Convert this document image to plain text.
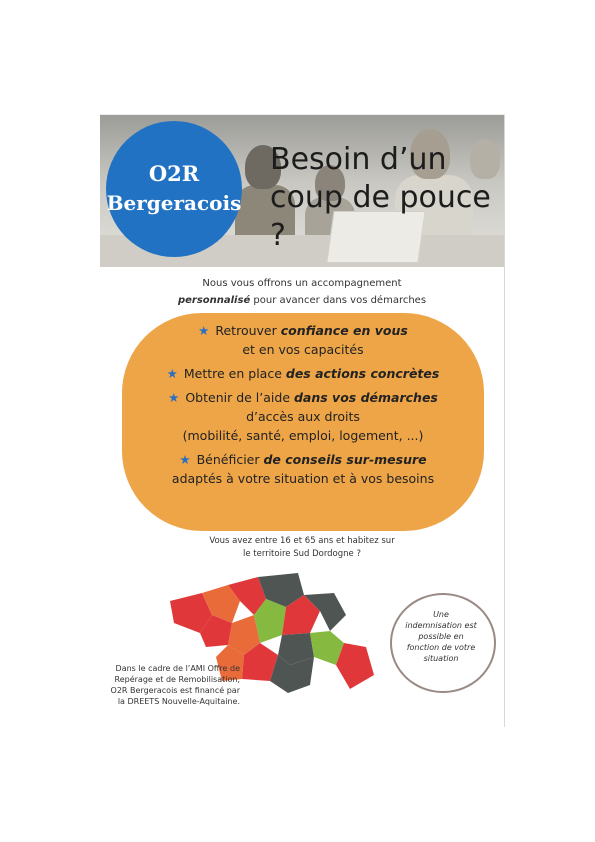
O2R
Bergeracois
Besoin d’un
coup de pouce ?
Nous vous offrons un accompagnement
personnalisé pour avancer dans vos démarches
★ Retrouver confiance en vous
et en vos capacités
★ Mettre en place des actions concrètes
★ Obtenir de l’aide dans vos démarches
d’accès aux droits
(mobilité, santé, emploi, logement, ...)
★ Bénéficier de conseils sur-mesure
adaptés à votre situation et à vos besoins
Vous avez entre 16 et 65 ans et habitez sur
le territoire Sud Dordogne ?
Dans le cadre de l’AMI Offre de
Repérage et de Remobilisation,
O2R Bergeracois est financé par
la DREETS Nouvelle-Aquitaine.
Une
indemnisation est
possible en
fonction de votre
situation
